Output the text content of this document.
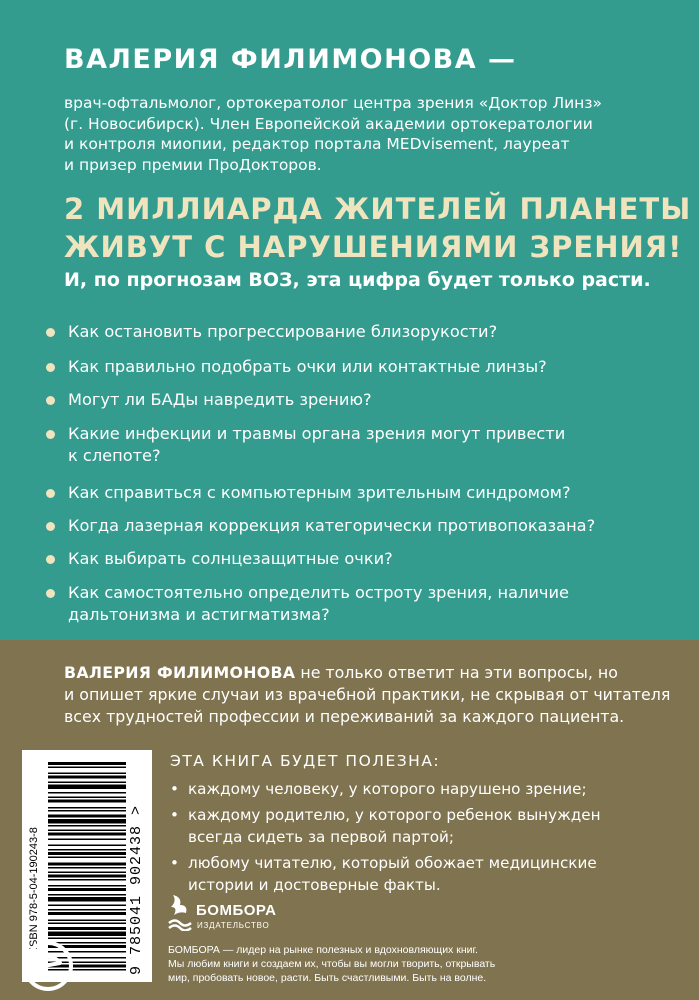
ВАЛЕРИЯ ФИЛИМОНОВА —
врач-офтальмолог, ортокератолог центра зрения «Доктор Линз»
(г. Новосибирск). Член Европейской академии ортокератологии
и контроля миопии, редактор портала MEDvisement, лауреат
и призер премии ПроДокторов.
2 МИЛЛИАРДА ЖИТЕЛЕЙ ПЛАНЕТЫ
ЖИВУТ С НАРУШЕНИЯМИ ЗРЕНИЯ!
И, по прогнозам ВОЗ, эта цифра будет только расти.
Как остановить прогрессирование близорукости?
Как правильно подобрать очки или контактные линзы?
Могут ли БАДы навредить зрению?
Какие инфекции и травмы органа зрения могут привести
к слепоте?
Как справиться с компьютерным зрительным синдромом?
Когда лазерная коррекция категорически противопоказана?
Как выбирать солнцезащитные очки?
Как самостоятельно определить остроту зрения, наличие
дальтонизма и астигматизма?
ВАЛЕРИЯ ФИЛИМОНОВА не только ответит на эти вопросы, но
и опишет яркие случаи из врачебной практики, не скрывая от читателя
всех трудностей профессии и переживаний за каждого пациента.
ЭТА КНИГА БУДЕТ ПОЛЕЗНА:
• каждому человеку, у которого нарушено зрение;
• каждому родителю, у которого ребенок вынужден
всегда сидеть за первой партой;
• любому читателю, который обожает медицинские
истории и достоверные факты.
ISBN 978-5-04-190243-8	9 785041 902438 >	БОМБОРА
ИЗДАТЕЛЬСТВО
БОМБОРА — лидер на рынке полезных и вдохновляющих книг.
Мы любим книги и создаем их, чтобы вы могли творить, открывать
мир, пробовать новое, расти. Быть счастливыми. Быть на волне.
